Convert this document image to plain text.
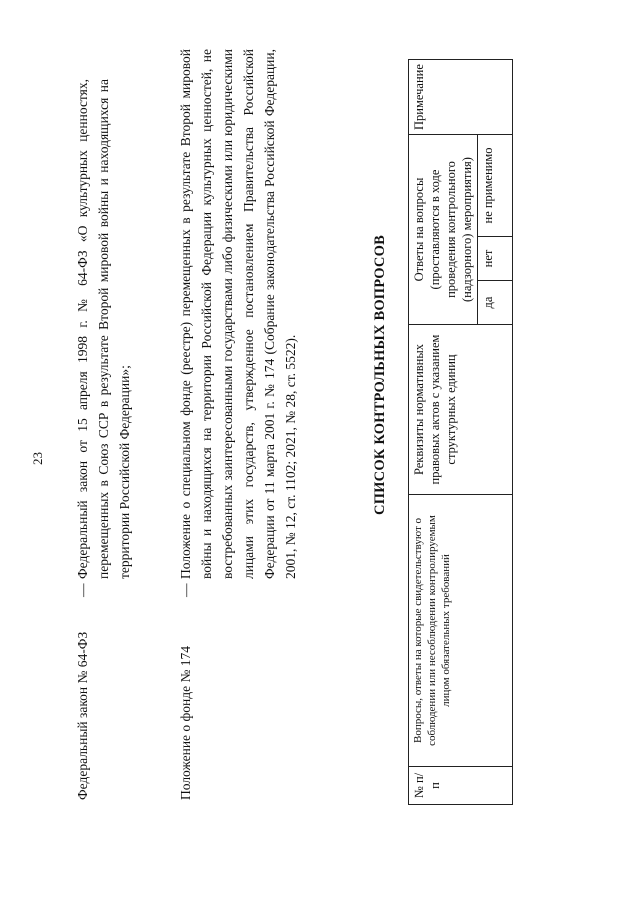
23
Федеральный закон № 64-ФЗ
—
Федеральный закон от 15 апреля 1998 г. № 64-ФЗ «О культурных ценностях, перемещенных в Союз ССР в результате Второй мировой войны и находящихся на территории Российской Федерации»;
Положение о фонде № 174
—
Положение о специальном фонде (реестре) перемещенных в результате Второй мировой войны и находящихся на территории Российской Федерации культурных ценностей, не востребованных заинтересованными государствами либо физическими или юридическими лицами этих государств, утвержденное постановлением Правительства Российской Федерации от 11 марта 2001 г. № 174 (Собрание законодательства Российской Федерации, 2001, № 12, ст. 1102; 2021, № 28, ст. 5522).	СПИСОК КОНТРОЛЬНЫХ ВОПРОСОВ
№ п/п	Вопросы, ответы на которые свидетельствуют о соблюдении или несоблюдении контролируемым лицом обязательных требований	Реквизиты нормативных правовых актов с указанием структурных единиц	Ответы на вопросы (проставляются в ходе проведения контрольного (надзорного) мероприятия)			Примечание
			да	нет	не применимо	
